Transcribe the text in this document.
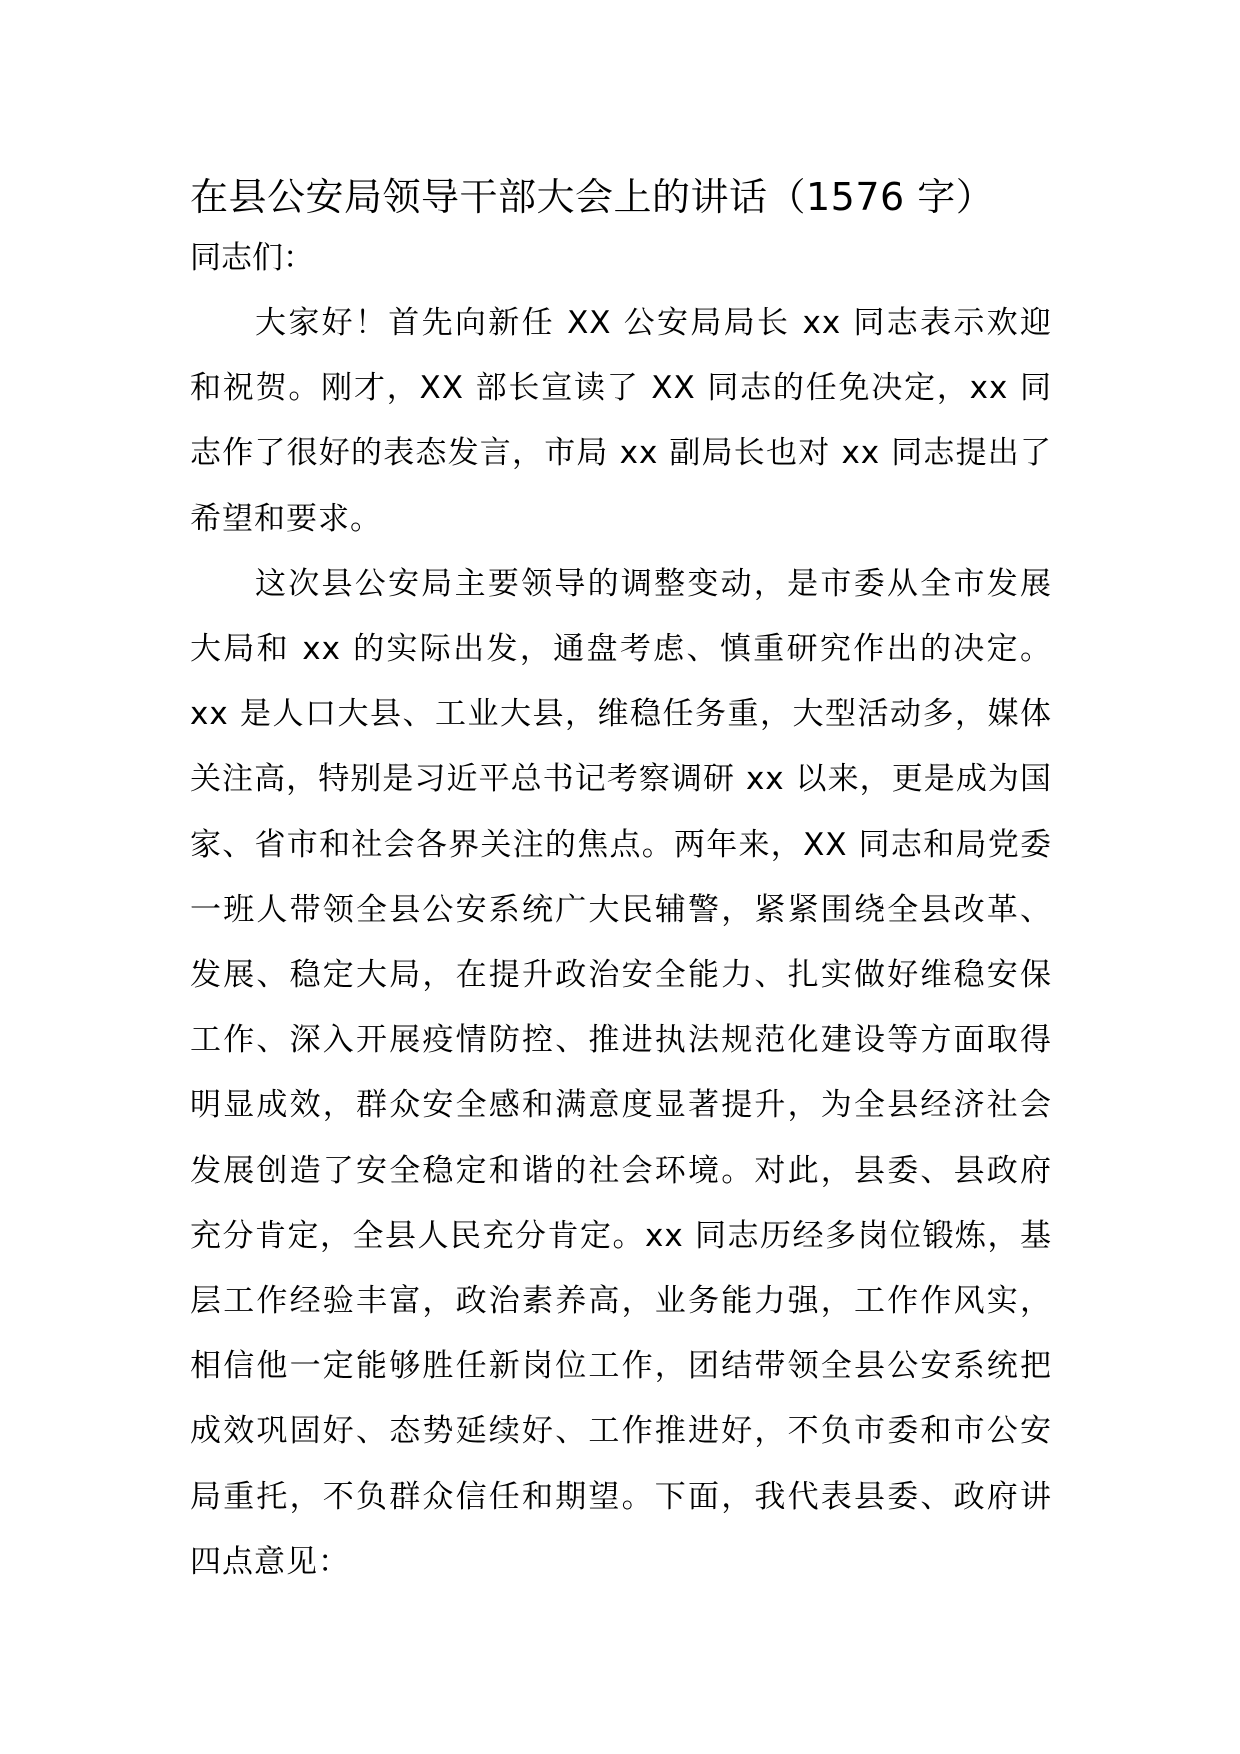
在县公安局领导干部大会上的讲话（1576 字）

同志们：

大家好！首先向新任 XX 公安局局长 xx 同志表示欢迎和祝贺。刚才，XX 部长宣读了 XX 同志的任免决定，xx 同志作了很好的表态发言，市局 xx 副局长也对 xx 同志提出了希望和要求。

这次县公安局主要领导的调整变动，是市委从全市发展大局和 xx 的实际出发，通盘考虑、慎重研究作出的决定。xx 是人口大县、工业大县，维稳任务重，大型活动多，媒体关注高，特别是习近平总书记考察调研 xx 以来，更是成为国家、省市和社会各界关注的焦点。两年来，XX 同志和局党委一班人带领全县公安系统广大民辅警，紧紧围绕全县改革、发展、稳定大局，在提升政治安全能力、扎实做好维稳安保工作、深入开展疫情防控、推进执法规范化建设等方面取得明显成效，群众安全感和满意度显著提升，为全县经济社会发展创造了安全稳定和谐的社会环境。对此，县委、县政府充分肯定，全县人民充分肯定。xx 同志历经多岗位锻炼，基层工作经验丰富，政治素养高，业务能力强，工作作风实，相信他一定能够胜任新岗位工作，团结带领全县公安系统把成效巩固好、态势延续好、工作推进好，不负市委和市公安局重托，不负群众信任和期望。下面，我代表县委、政府讲四点意见：
